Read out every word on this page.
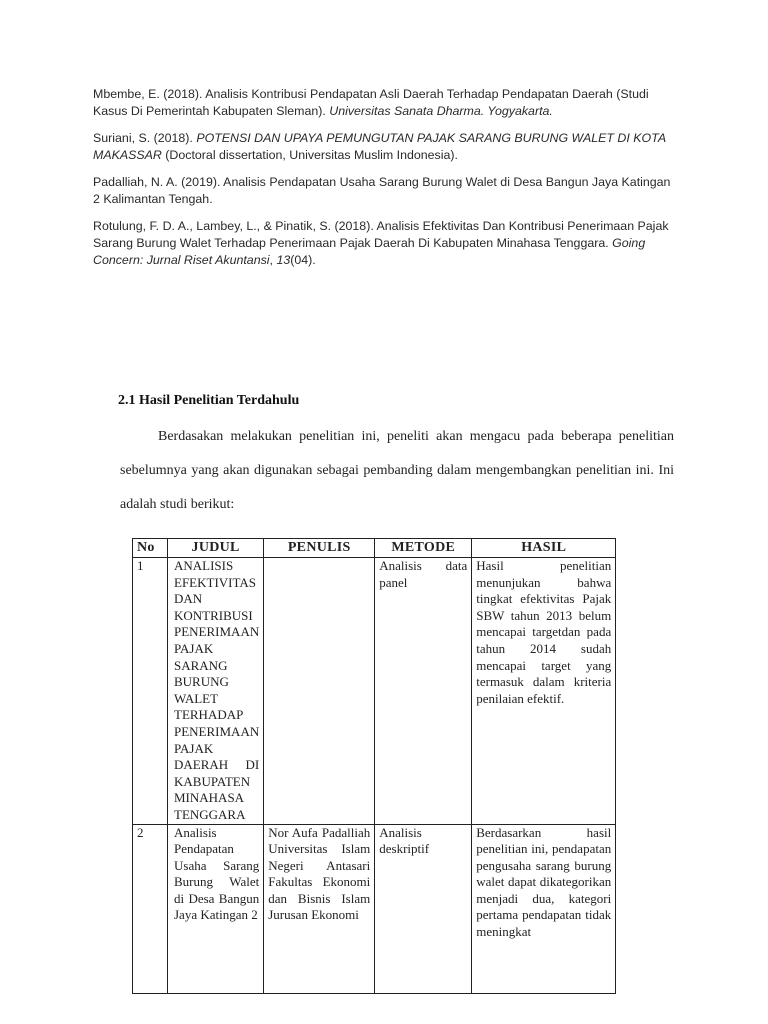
Mbembe, E. (2018). Analisis Kontribusi Pendapatan Asli Daerah Terhadap Pendapatan Daerah (Studi Kasus Di Pemerintah Kabupaten Sleman). Universitas Sanata Dharma. Yogyakarta.

Suriani, S. (2018). POTENSI DAN UPAYA PEMUNGUTAN PAJAK SARANG BURUNG WALET DI KOTA MAKASSAR (Doctoral dissertation, Universitas Muslim Indonesia).

Padalliah, N. A. (2019). Analisis Pendapatan Usaha Sarang Burung Walet di Desa Bangun Jaya Katingan 2 Kalimantan Tengah.

Rotulung, F. D. A., Lambey, L., & Pinatik, S. (2018). Analisis Efektivitas Dan Kontribusi Penerimaan Pajak Sarang Burung Walet Terhadap Penerimaan Pajak Daerah Di Kabupaten Minahasa Tenggara. Going Concern: Jurnal Riset Akuntansi, 13(04).

2.1 Hasil Penelitian Terdahulu
Berdasakan melakukan penelitian ini, peneliti akan mengacu pada beberapa penelitian sebelumnya yang akan digunakan sebagai pembanding dalam mengembangkan penelitian ini. Ini adalah studi berikut:
No	JUDUL	PENULIS	METODE	HASIL
1	ANALISIS EFEKTIVITAS DAN KONTRIBUSI PENERIMAAN PAJAK SARANG BURUNG WALET TERHADAP PENERIMAAN PAJAK DAERAH DI KABUPATEN MINAHASA TENGGARA		Analisis data panel	Hasil penelitian menunjukan bahwa tingkat efektivitas Pajak SBW tahun 2013 belum mencapai targetdan pada tahun 2014 sudah mencapai target yang termasuk dalam kriteria penilaian efektif.
2	Analisis Pendapatan Usaha Sarang Burung Walet di Desa Bangun Jaya Katingan 2	Nor Aufa Padalliah Universitas Islam Negeri Antasari Fakultas Ekonomi dan Bisnis Islam Jurusan Ekonomi	Analisis deskriptif	Berdasarkan hasil penelitian ini, pendapatan pengusaha sarang burung walet dapat dikategorikan menjadi dua, kategori pertama pendapatan tidak meningkat
